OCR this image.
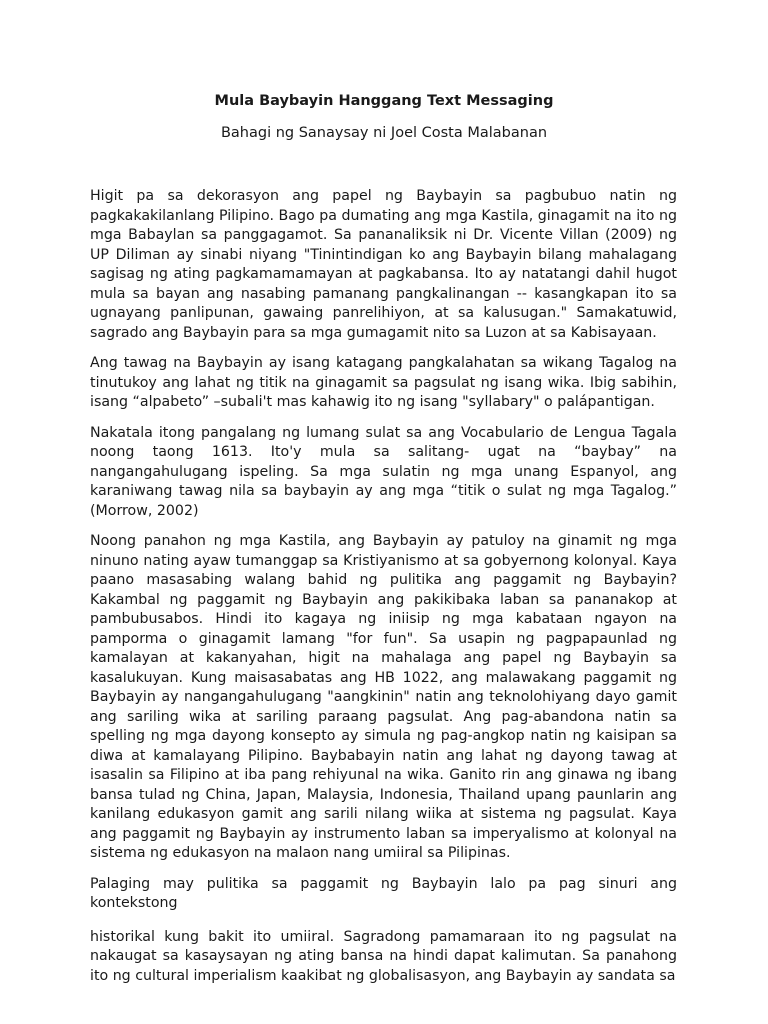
Mula Baybayin Hanggang Text Messaging
Bahagi ng Sanaysay ni Joel Costa Malabanan

Higit pa sa dekorasyon ang papel ng Baybayin sa pagbubuo natin ng pagkakakilanlang Pilipino. Bago pa dumating ang mga Kastila, ginagamit na ito ng mga Babaylan sa panggagamot. Sa pananaliksik ni Dr. Vicente Villan (2009) ng UP Diliman ay sinabi niyang "Tinintindigan ko ang Baybayin bilang mahalagang sagisag ng ating pagkamamamayan at pagkabansa. Ito ay natatangi dahil hugot mula sa bayan ang nasabing pamanang pangkalinangan -- kasangkapan ito sa ugnayang panlipunan, gawaing panrelihiyon, at sa kalusugan." Samakatuwid, sagrado ang Baybayin para sa mga gumagamit nito sa Luzon at sa Kabisayaan.

Ang tawag na Baybayin ay isang katagang pangkalahatan sa wikang Tagalog na tinutukoy ang lahat ng titik na ginagamit sa pagsulat ng isang wika. Ibig sabihin, isang “alpabeto” –subali't mas kahawig ito ng isang "syllabary" o palápantigan.

Nakatala itong pangalang ng lumang sulat sa ang Vocabulario de Lengua Tagala noong taong 1613. Ito'y mula sa salitang- ugat na “baybay” na nangangahulugang ispeling. Sa mga sulatin ng mga unang Espanyol, ang karaniwang tawag nila sa baybayin ay ang mga “titik o sulat ng mga Tagalog.” (Morrow, 2002)

Noong panahon ng mga Kastila, ang Baybayin ay patuloy na ginamit ng mga ninuno nating ayaw tumanggap sa Kristiyanismo at sa gobyernong kolonyal. Kaya paano masasabing walang bahid ng pulitika ang paggamit ng Baybayin? Kakambal ng paggamit ng Baybayin ang pakikibaka laban sa pananakop at pambubusabos. Hindi ito kagaya ng iniisip ng mga kabataan ngayon na pamporma o ginagamit lamang "for fun". Sa usapin ng pagpapaunlad ng kamalayan at kakanyahan, higit na mahalaga ang papel ng Baybayin sa kasalukuyan. Kung maisasabatas ang HB 1022, ang malawakang paggamit ng Baybayin ay nangangahulugang "aangkinin" natin ang teknolohiyang dayo gamit ang sariling wika at sariling paraang pagsulat. Ang pag-abandona natin sa spelling ng mga dayong konsepto ay simula ng pag-angkop natin ng kaisipan sa diwa at kamalayang Pilipino. Baybabayin natin ang lahat ng dayong tawag at isasalin sa Filipino at iba pang rehiyunal na wika. Ganito rin ang ginawa ng ibang bansa tulad ng China, Japan, Malaysia, Indonesia, Thailand upang paunlarin ang kanilang edukasyon gamit ang sarili nilang wiika at sistema ng pagsulat. Kaya ang paggamit ng Baybayin ay instrumento laban sa imperyalismo at kolonyal na sistema ng edukasyon na malaon nang umiiral sa Pilipinas.

Palaging may pulitika sa paggamit ng Baybayin lalo pa pag sinuri ang kontekstong

historikal kung bakit ito umiiral. Sagradong pamamaraan ito ng pagsulat na nakaugat sa kasaysayan ng ating bansa na hindi dapat kalimutan. Sa panahong ito ng cultural imperialism kaakibat ng globalisasyon, ang Baybayin ay sandata sa
